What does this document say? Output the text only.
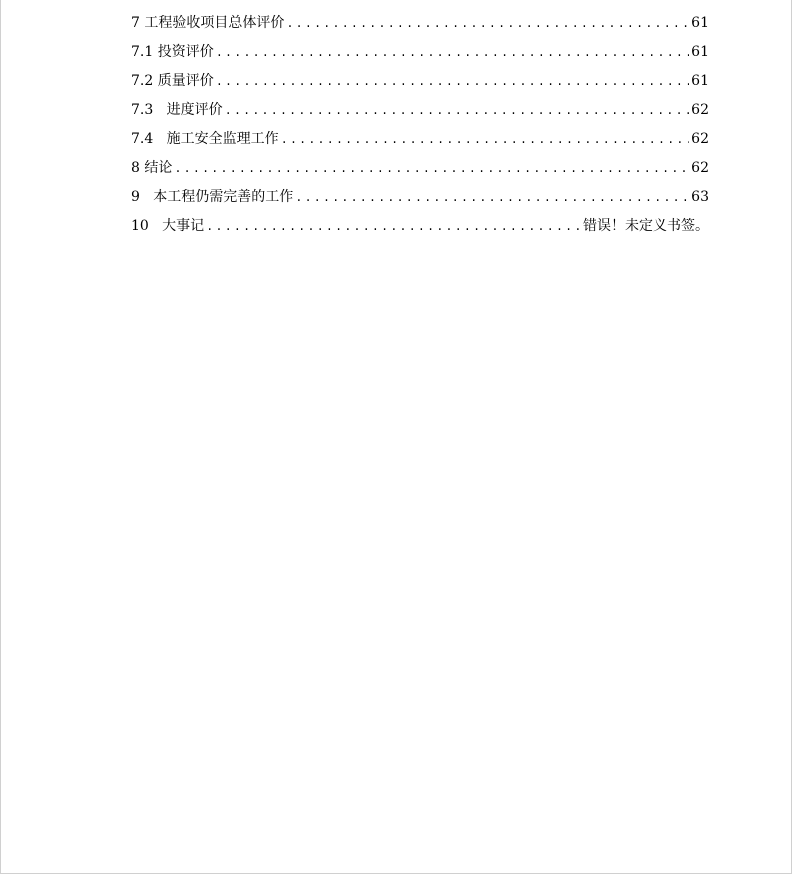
7 工程验收项目总体评价 .....	61
7.1 投资评价 .....	61
7.2 质量评价 .....	61
7.3   进度评价 .....	62
7.4   施工安全监理工作 .....	62
8 结论 .....	62
9   本工程仍需完善的工作 .....	63
10   大事记 .....	错误！未定义书签。
